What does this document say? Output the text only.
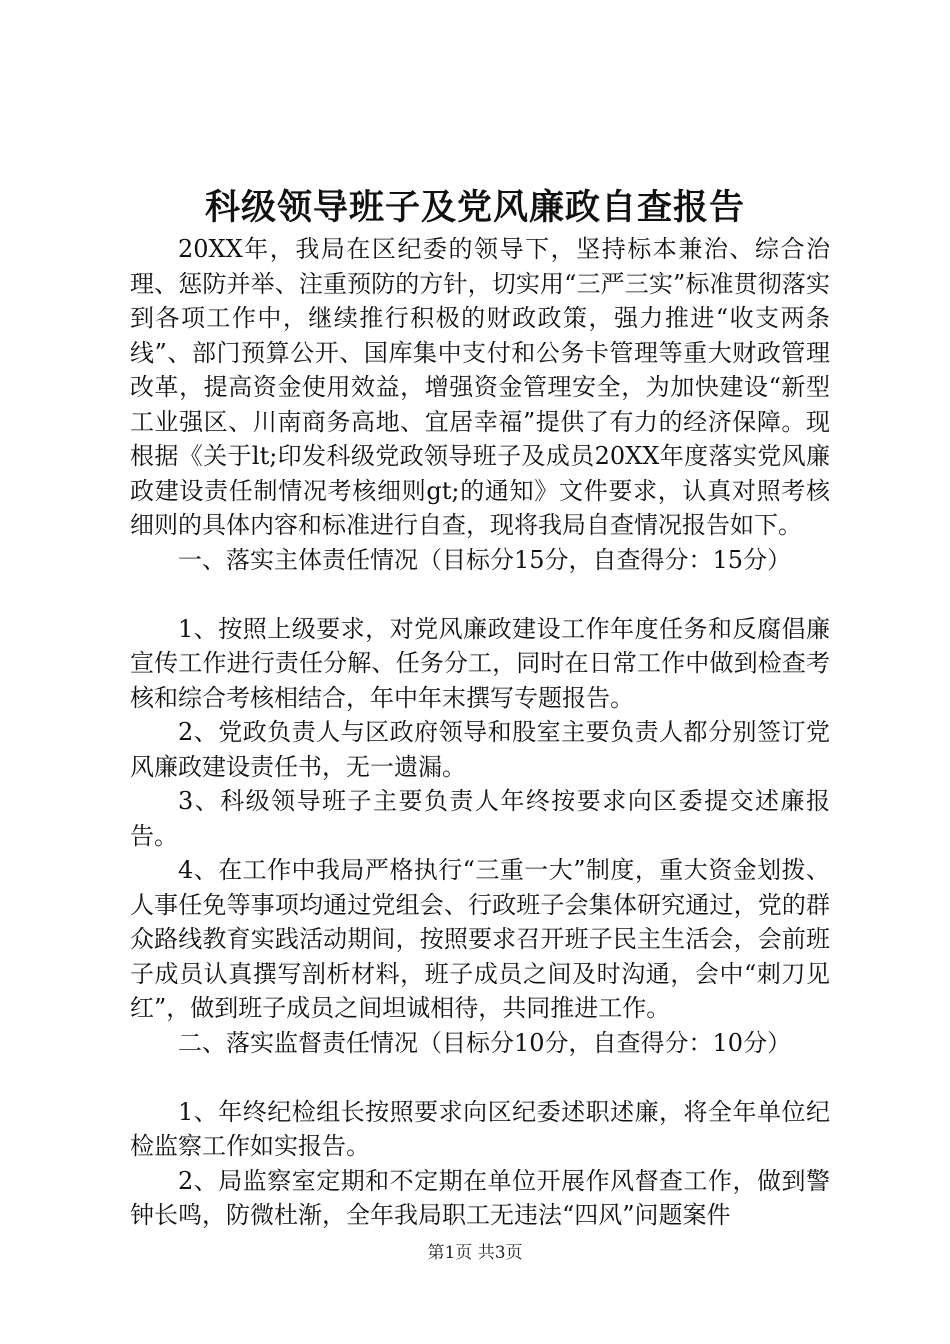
科级领导班子及党风廉政自查报告

20XX年，我局在区纪委的领导下，坚持标本兼治、综合治理、惩防并举、注重预防的方针，切实用“三严三实”标准贯彻落实到各项工作中，继续推行积极的财政政策，强力推进“收支两条线”、部门预算公开、国库集中支付和公务卡管理等重大财政管理改革，提高资金使用效益，增强资金管理安全，为加快建设“新型工业强区、川南商务高地、宜居幸福”提供了有力的经济保障。现根据《关于lt;印发科级党政领导班子及成员20XX年度落实党风廉政建设责任制情况考核细则gt;的通知》文件要求，认真对照考核细则的具体内容和标准进行自查，现将我局自查情况报告如下。

一、落实主体责任情况（目标分15分，自查得分：15分）

1、按照上级要求，对党风廉政建设工作年度任务和反腐倡廉宣传工作进行责任分解、任务分工，同时在日常工作中做到检查考核和综合考核相结合，年中年末撰写专题报告。

2、党政负责人与区政府领导和股室主要负责人都分别签订党风廉政建设责任书，无一遗漏。

3、科级领导班子主要负责人年终按要求向区委提交述廉报告。

4、在工作中我局严格执行“三重一大”制度，重大资金划拨、人事任免等事项均通过党组会、行政班子会集体研究通过，党的群众路线教育实践活动期间，按照要求召开班子民主生活会，会前班子成员认真撰写剖析材料，班子成员之间及时沟通，会中“刺刀见红”，做到班子成员之间坦诚相待，共同推进工作。

二、落实监督责任情况（目标分10分，自查得分：10分）

1、年终纪检组长按照要求向区纪委述职述廉，将全年单位纪检监察工作如实报告。

2、局监察室定期和不定期在单位开展作风督查工作，做到警钟长鸣，防微杜渐，全年我局职工无违法“四风”问题案件

第1页 共3页
